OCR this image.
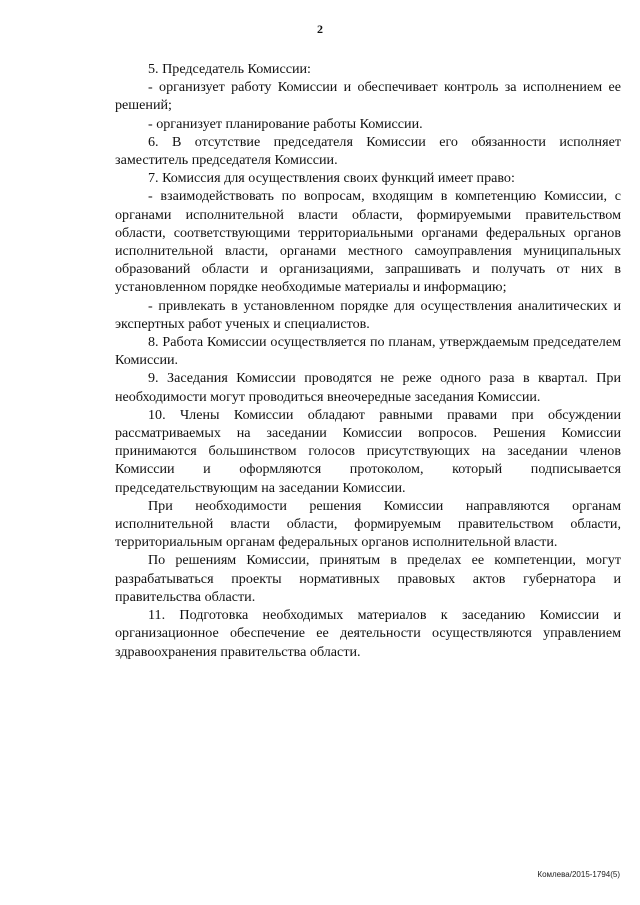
2

5. Председатель Комиссии:

- организует работу Комиссии и обеспечивает контроль за исполнением ее решений;

- организует планирование работы Комиссии.

6. В отсутствие председателя Комиссии его обязанности исполняет заместитель председателя Комиссии.

7. Комиссия для осуществления своих функций имеет право:

- взаимодействовать по вопросам, входящим в компетенцию Комиссии, с органами исполнительной власти области, формируемыми правительством области, соответствующими территориальными органами федеральных органов исполнительной власти, органами местного самоуправления муниципальных образований области и организациями, запрашивать и получать от них в установленном порядке необходимые материалы и информацию;

- привлекать в установленном порядке для осуществления аналитических и экспертных работ ученых и специалистов.

8. Работа Комиссии осуществляется по планам, утверждаемым председателем Комиссии.

9. Заседания Комиссии проводятся не реже одного раза в квартал. При необходимости могут проводиться внеочередные заседания Комиссии.

10. Члены Комиссии обладают равными правами при обсуждении рассматриваемых на заседании Комиссии вопросов. Решения Комиссии принимаются большинством голосов присутствующих на заседании членов Комиссии и оформляются протоколом, который подписывается председательствующим на заседании Комиссии.

При необходимости решения Комиссии направляются органам исполнительной власти области, формируемым правительством области, территориальным органам федеральных органов исполнительной власти.

По решениям Комиссии, принятым в пределах ее компетенции, могут разрабатываться проекты нормативных правовых актов губернатора и правительства области.

11. Подготовка необходимых материалов к заседанию Комиссии и организационное обеспечение ее деятельности осуществляются управлением здравоохранения правительства области.

Комлева/2015-1794(5)
